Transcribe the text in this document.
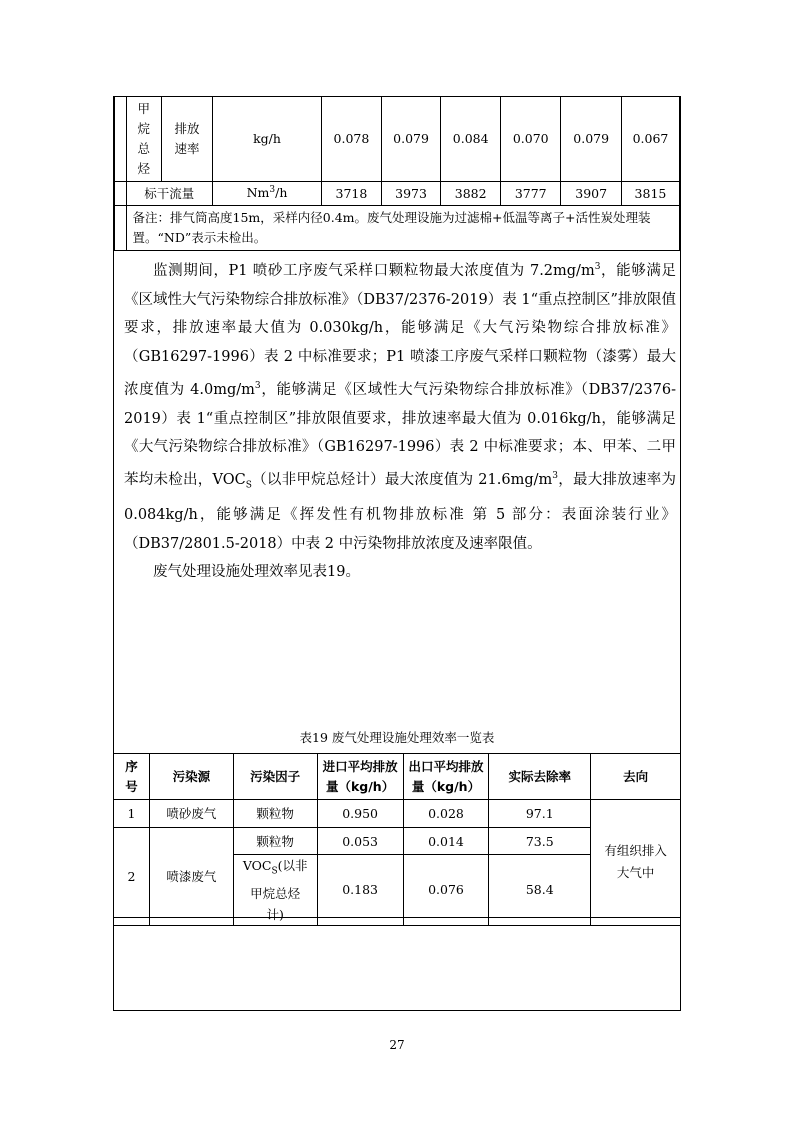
	甲烷总烃	排放速率	kg/h	0.078	0.079	0.084	0.070	0.079	0.067
	标干流量		Nm$^3$/h	3718	3973	3882	3777	3907	3815
	备注：排气筒高度15m，采样内径0.4m。废气处理设施为过滤棉+低温等离子+活性炭处理装置。“ND”表示未检出。								

监测期间，P1 喷砂工序废气采样口颗粒物最大浓度值为 $7.2mg/m^3$，能够满足《区域性大气污染物综合排放标准》（DB37/2376-2019）表 1“重点控制区”排放限值要求，排放速率最大值为 0.030kg/h，能够满足《大气污染物综合排放标准》（GB16297-1996）表 2 中标准要求；P1 喷漆工序废气采样口颗粒物（漆雾）最大浓度值为 $4.0mg/m^3$，能够满足《区域性大气污染物综合排放标准》（DB37/2376-2019）表 1“重点控制区”排放限值要求，排放速率最大值为 0.016kg/h，能够满足《大气污染物综合排放标准》（GB16297-1996）表 2 中标准要求；本、甲苯、二甲苯均未检出，$VOC_S$（以非甲烷总烃计）最大浓度值为 $21.6mg/m^3$，最大排放速率为 0.084kg/h，能够满足《挥发性有机物排放标准 第 5 部分：表面涂装行业》（DB37/2801.5-2018）中表 2 中污染物排放浓度及速率限值。

废气处理设施处理效率见表19。

表19 废气处理设施处理效率一览表
序号	污染源	污染因子	进口平均排放量（kg/h）	出口平均排放量（kg/h）	实际去除率	去向
1	喷砂废气	颗粒物	0.950	0.028	97.1	有组织排入大气中
2	喷漆废气	颗粒物	0.053	0.014	73.5	
		$VOC_S$(以非甲烷总烃计)	0.183	0.076	58.4	
27
